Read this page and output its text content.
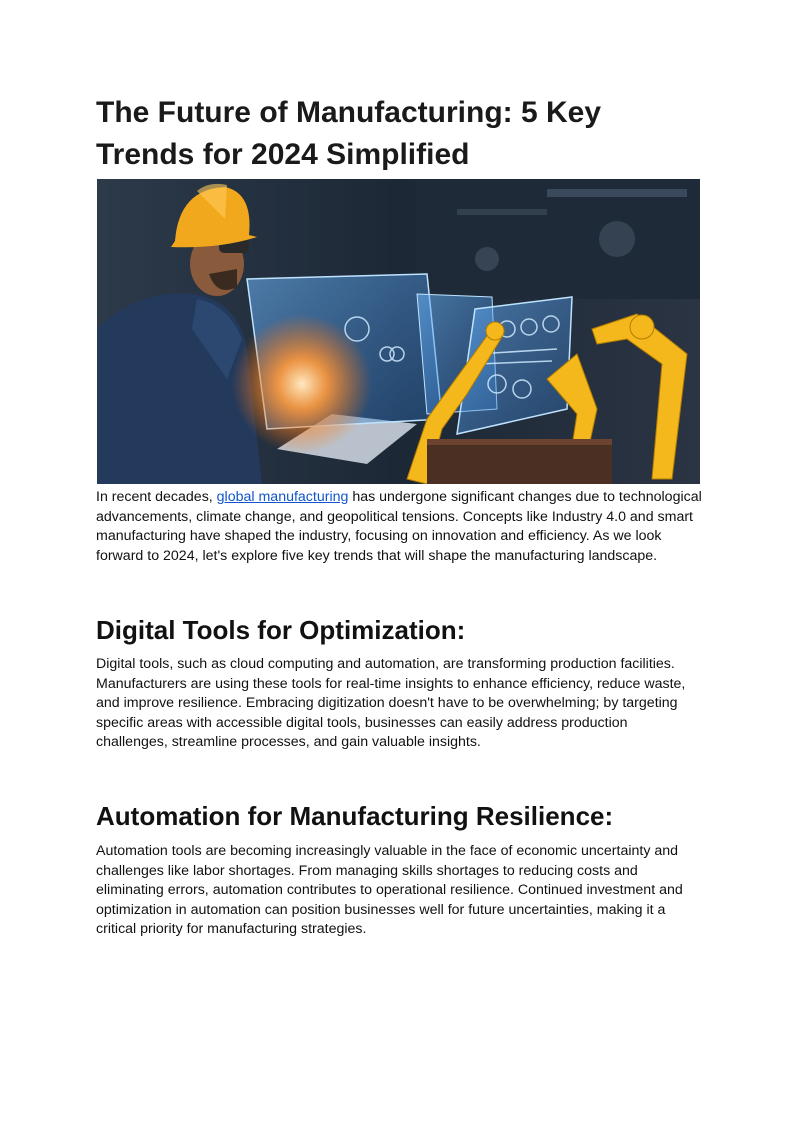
The Future of Manufacturing: 5 Key Trends for 2024 Simplified

In recent decades, global manufacturing has undergone significant changes due to technological advancements, climate change, and geopolitical tensions. Concepts like Industry 4.0 and smart manufacturing have shaped the industry, focusing on innovation and efficiency. As we look forward to 2024, let's explore five key trends that will shape the manufacturing landscape.

Digital Tools for Optimization:

Digital tools, such as cloud computing and automation, are transforming production facilities. Manufacturers are using these tools for real-time insights to enhance efficiency, reduce waste, and improve resilience. Embracing digitization doesn't have to be overwhelming; by targeting specific areas with accessible digital tools, businesses can easily address production challenges, streamline processes, and gain valuable insights.

Automation for Manufacturing Resilience:

Automation tools are becoming increasingly valuable in the face of economic uncertainty and challenges like labor shortages. From managing skills shortages to reducing costs and eliminating errors, automation contributes to operational resilience. Continued investment and optimization in automation can position businesses well for future uncertainties, making it a critical priority for manufacturing strategies.
